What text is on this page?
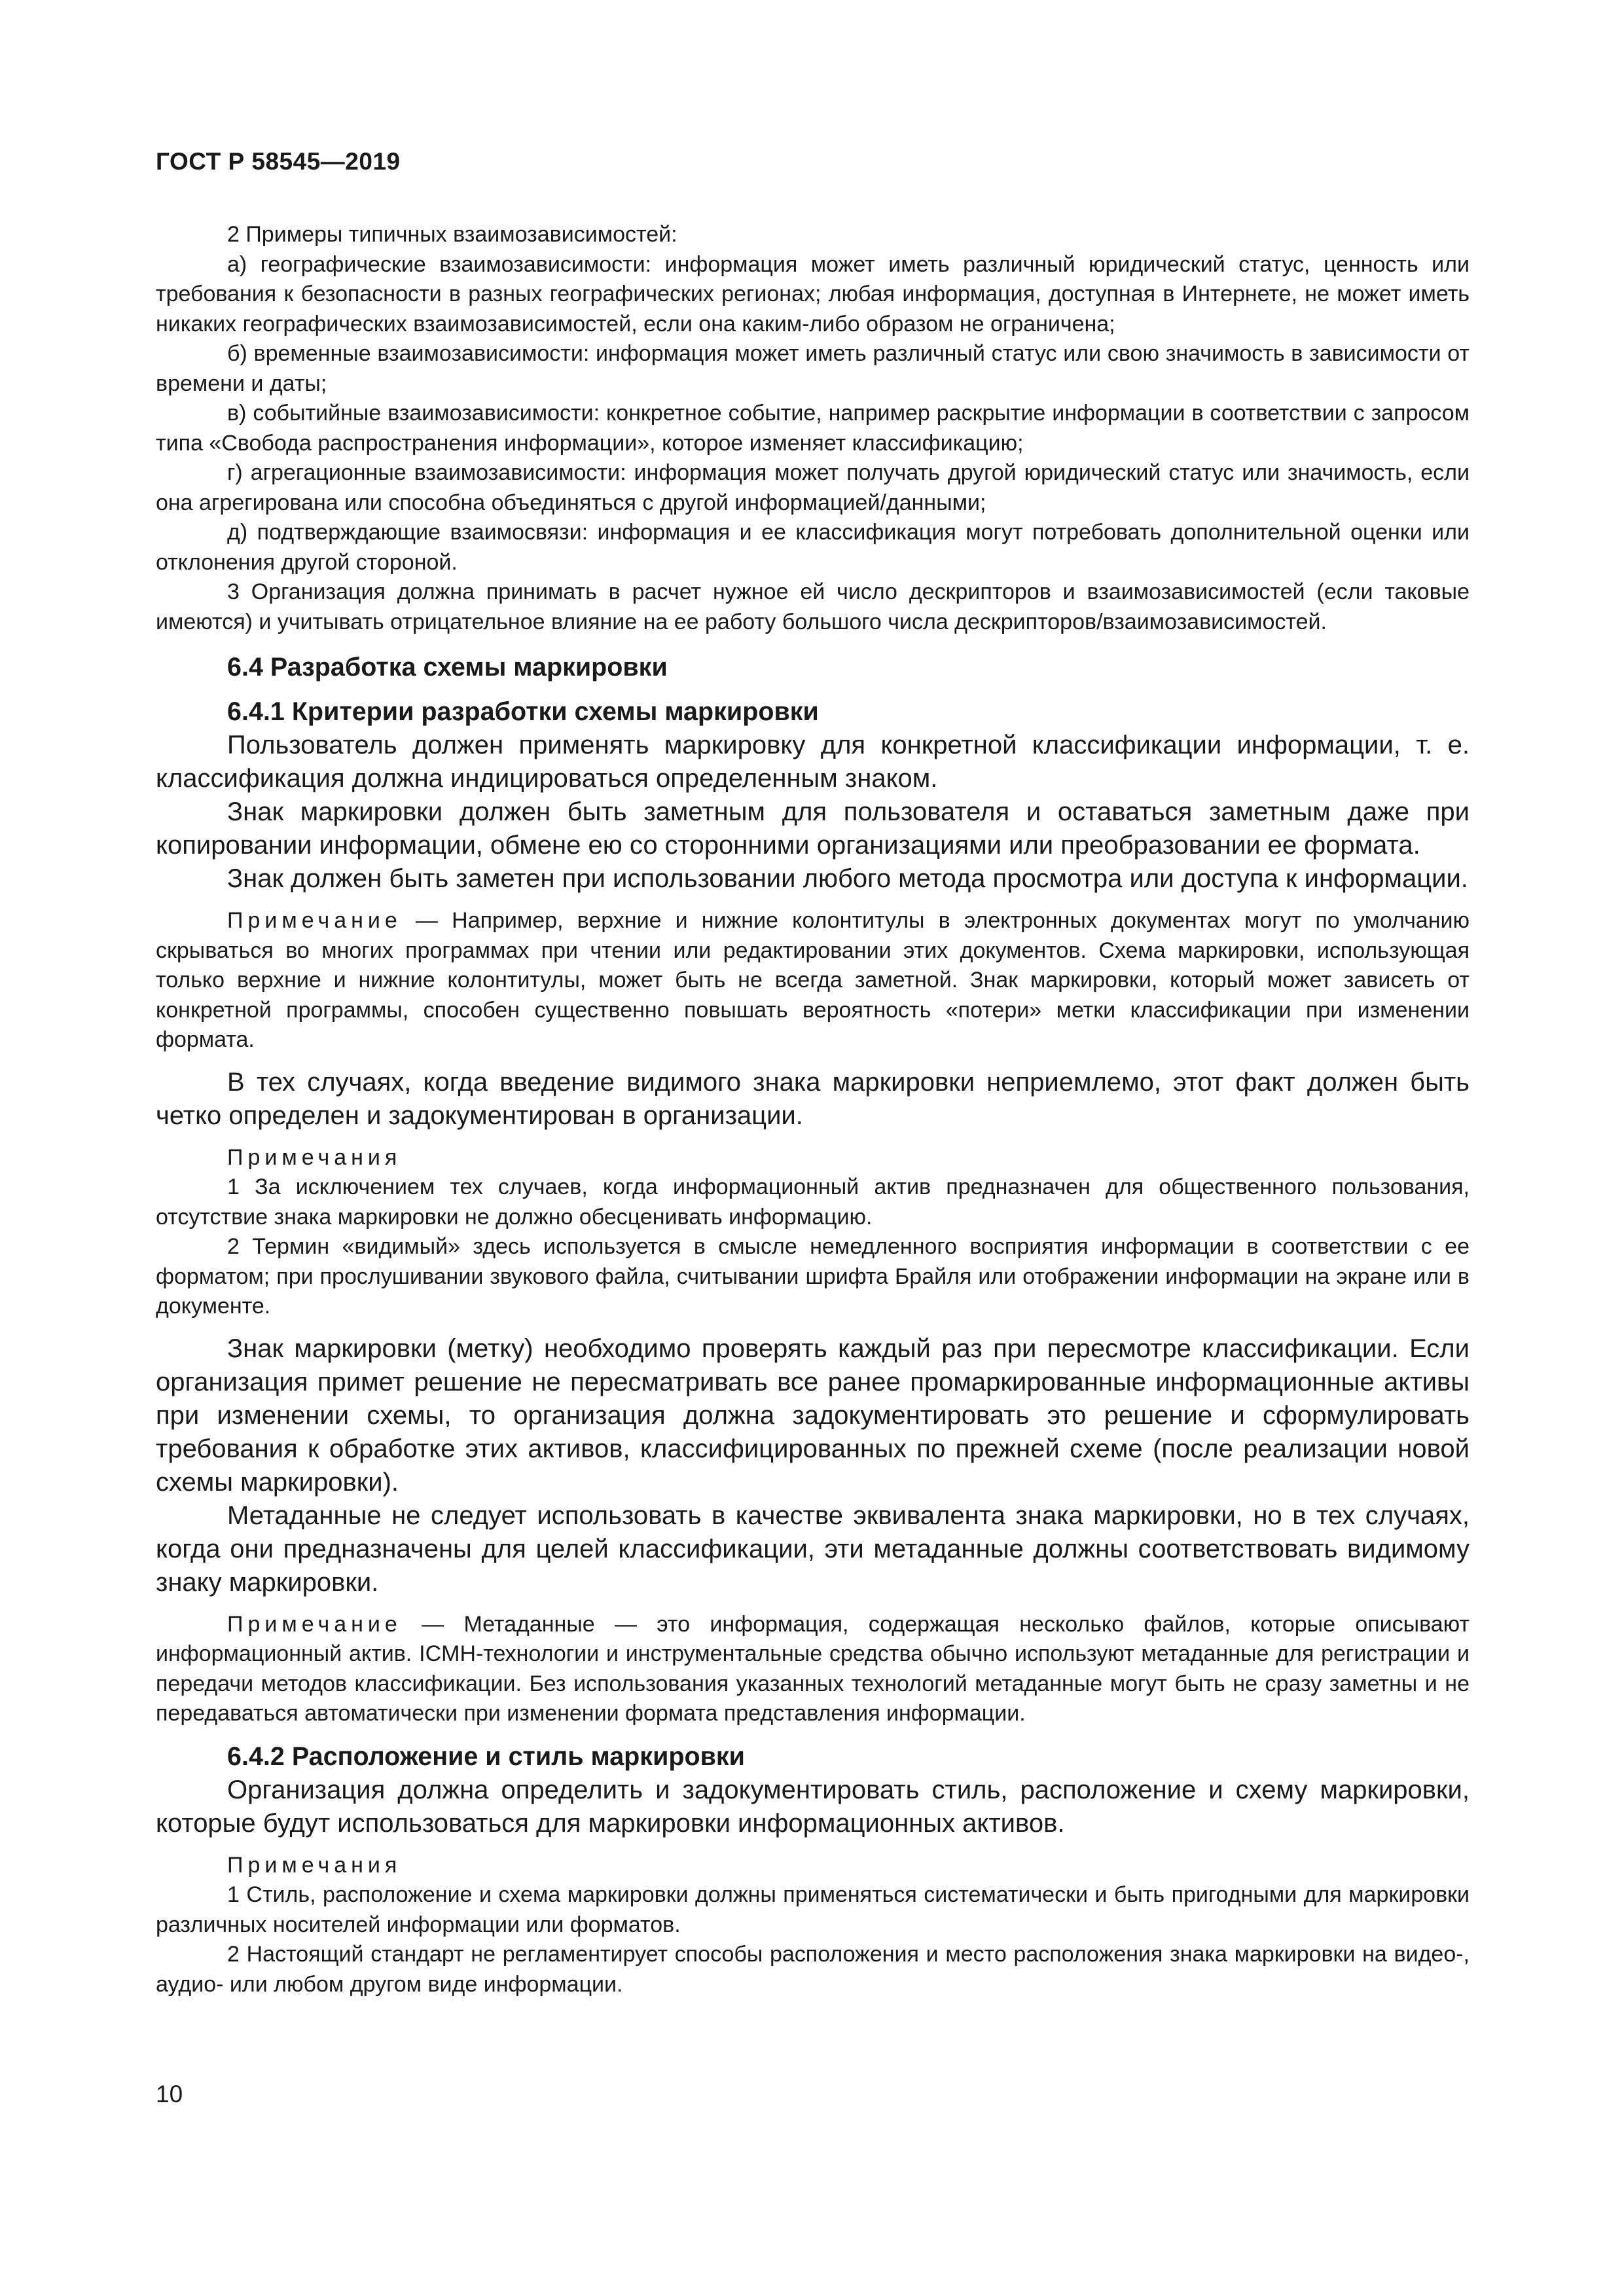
ГОСТ Р 58545—2019

2 Примеры типичных взаимозависимостей:

а) географические взаимозависимости: информация может иметь различный юридический статус, ценность или требования к безопасности в разных географических регионах; любая информация, доступная в Интернете, не может иметь никаких географических взаимозависимостей, если она каким-либо образом не ограничена;

б) временные взаимозависимости: информация может иметь различный статус или свою значимость в зависимости от времени и даты;

в) событийные взаимозависимости: конкретное событие, например раскрытие информации в соответствии с запросом типа «Свобода распространения информации», которое изменяет классификацию;

г) агрегационные взаимозависимости: информация может получать другой юридический статус или значимость, если она агрегирована или способна объединяться с другой информацией/данными;

д) подтверждающие взаимосвязи: информация и ее классификация могут потребовать дополнительной оценки или отклонения другой стороной.

3 Организация должна принимать в расчет нужное ей число дескрипторов и взаимозависимостей (если таковые имеются) и учитывать отрицательное влияние на ее работу большого числа дескрипторов/взаимозависимостей.

6.4 Разработка схемы маркировки
6.4.1 Критерии разработки схемы маркировки

Пользователь должен применять маркировку для конкретной классификации информации, т. е. классификация должна индицироваться определенным знаком.

Знак маркировки должен быть заметным для пользователя и оставаться заметным даже при копировании информации, обмене ею со сторонними организациями или преобразовании ее формата.

Знак должен быть заметен при использовании любого метода просмотра или доступа к информации.

Примечание — Например, верхние и нижние колонтитулы в электронных документах могут по умолчанию скрываться во многих программах при чтении или редактировании этих документов. Схема маркировки, использующая только верхние и нижние колонтитулы, может быть не всегда заметной. Знак маркировки, который может зависеть от конкретной программы, способен существенно повышать вероятность «потери» метки классификации при изменении формата.

В тех случаях, когда введение видимого знака маркировки неприемлемо, этот факт должен быть четко определен и задокументирован в организации.

Примечания

1 За исключением тех случаев, когда информационный актив предназначен для общественного пользования, отсутствие знака маркировки не должно обесценивать информацию.

2 Термин «видимый» здесь используется в смысле немедленного восприятия информации в соответствии с ее форматом; при прослушивании звукового файла, считывании шрифта Брайля или отображении информации на экране или в документе.

Знак маркировки (метку) необходимо проверять каждый раз при пересмотре классификации. Если организация примет решение не пересматривать все ранее промаркированные информационные активы при изменении схемы, то организация должна задокументировать это решение и сформулировать требования к обработке этих активов, классифицированных по прежней схеме (после реализации новой схемы маркировки).

Метаданные не следует использовать в качестве эквивалента знака маркировки, но в тех случаях, когда они предназначены для целей классификации, эти метаданные должны соответствовать видимому знаку маркировки.

Примечание — Метаданные — это информация, содержащая несколько файлов, которые описывают информационный актив. ICMH-технологии и инструментальные средства обычно используют метаданные для регистрации и передачи методов классификации. Без использования указанных технологий метаданные могут быть не сразу заметны и не передаваться автоматически при изменении формата представления информации.

6.4.2 Расположение и стиль маркировки

Организация должна определить и задокументировать стиль, расположение и схему маркировки, которые будут использоваться для маркировки информационных активов.

Примечания

1 Стиль, расположение и схема маркировки должны применяться систематически и быть пригодными для маркировки различных носителей информации или форматов.

2 Настоящий стандарт не регламентирует способы расположения и место расположения знака маркировки на видео-, аудио- или любом другом виде информации.

10
